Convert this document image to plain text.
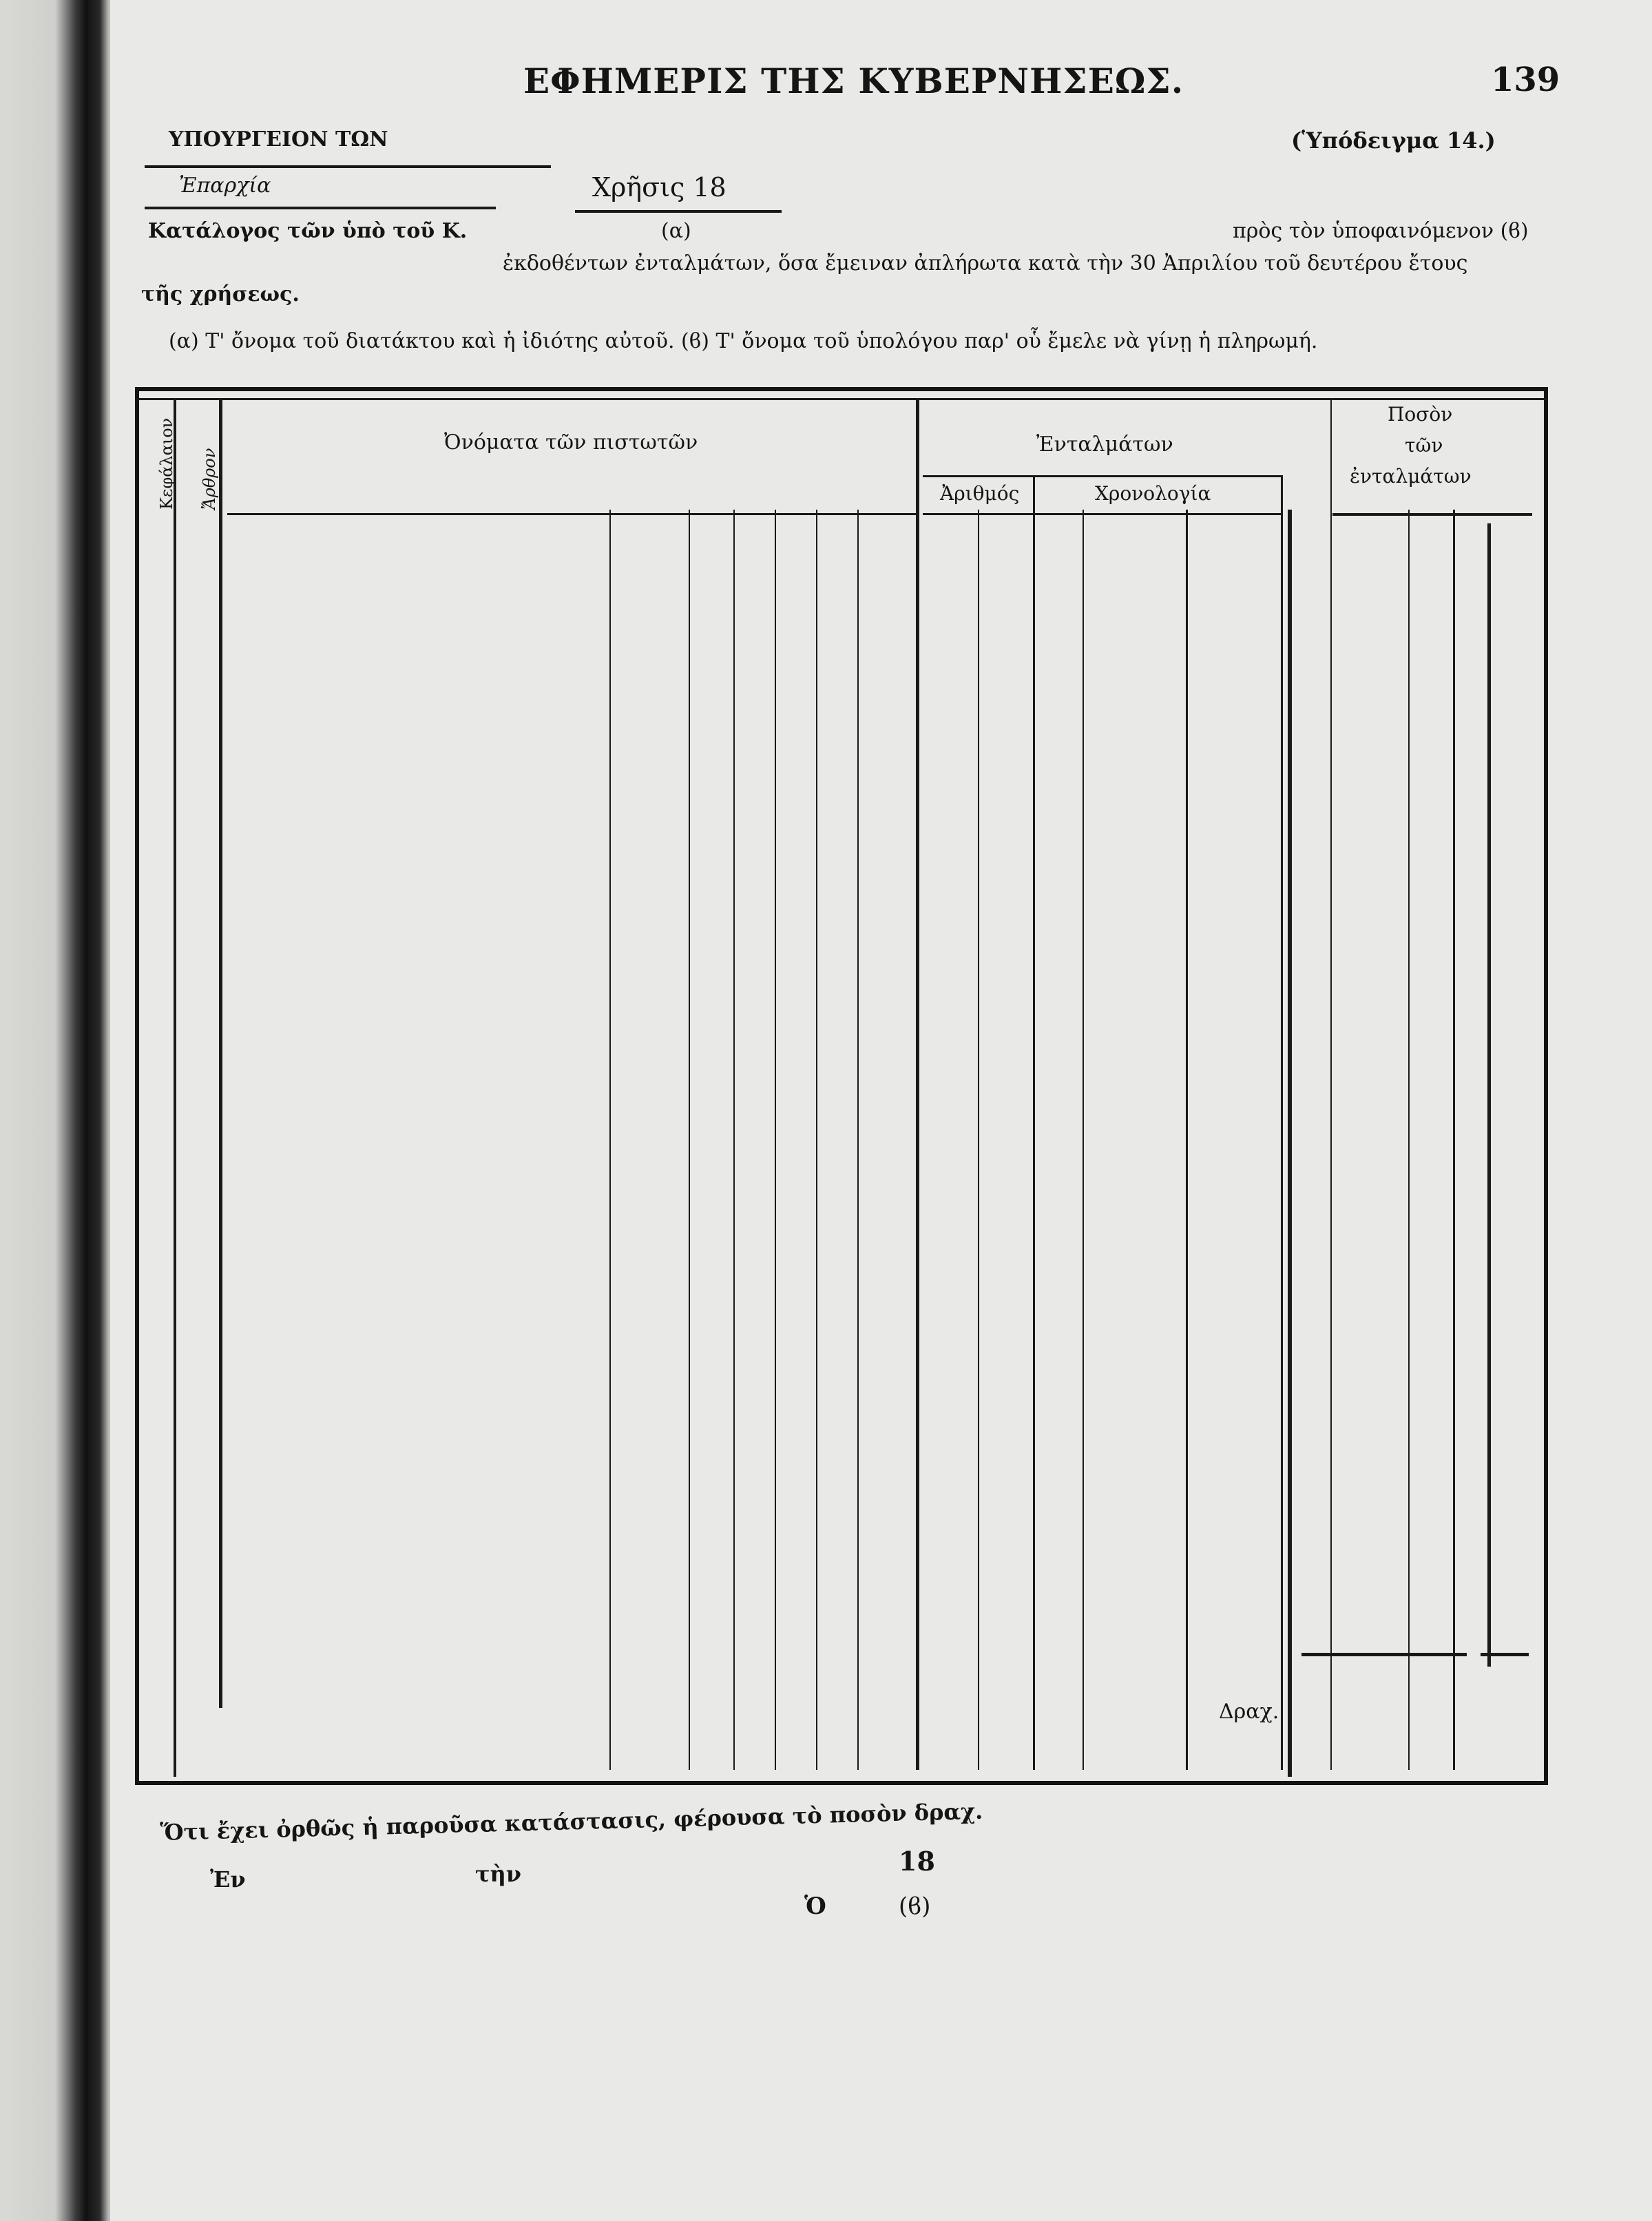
ΕΦΗΜΕΡΙΣ ΤΗΣ ΚΥΒΕΡΝΗΣΕΩΣ.	139
ΥΠΟΥΡΓΕΙΟΝ ΤΩΝ	(Ὑπόδειγμα 14.)
Ἐπαρχία	Χρῆσις 18
Κατάλογος τῶν ὑπὸ τοῦ Κ.	(α)	πρὸς τὸν ὑποφαινόμενον (ϐ)
ἐκδοθέντων ἐνταλμάτων, ὅσα ἔμειναν ἀπλήρωτα κατὰ τὴν 30 Ἀπριλίου τοῦ δευτέρου ἔτους
τῆς χρήσεως.
(α) Τ' ὄνομα τοῦ διατάκτου καὶ ἡ ἰδιότης αὐτοῦ. (ϐ) Τ' ὄνομα τοῦ ὑπολόγου παρ' οὗ ἔμελε νὰ γίνῃ ἡ πληρωμή.
Κεφάλαιον Ἄρθρον
Ὀνόματα τῶν πιστωτῶν	Ἐνταλμάτων
Ἀριθμός	Χρονολογία
Ποσὸν
τῶν
ἐνταλμάτων
Δραχ.
Ὅτι ἔχει ὀρθῶς ἡ παροῦσα κατάστασις, φέρουσα τὸ ποσὸν δραχ.
18
Ἐν	τὴν
Ὁ	(ϐ)
